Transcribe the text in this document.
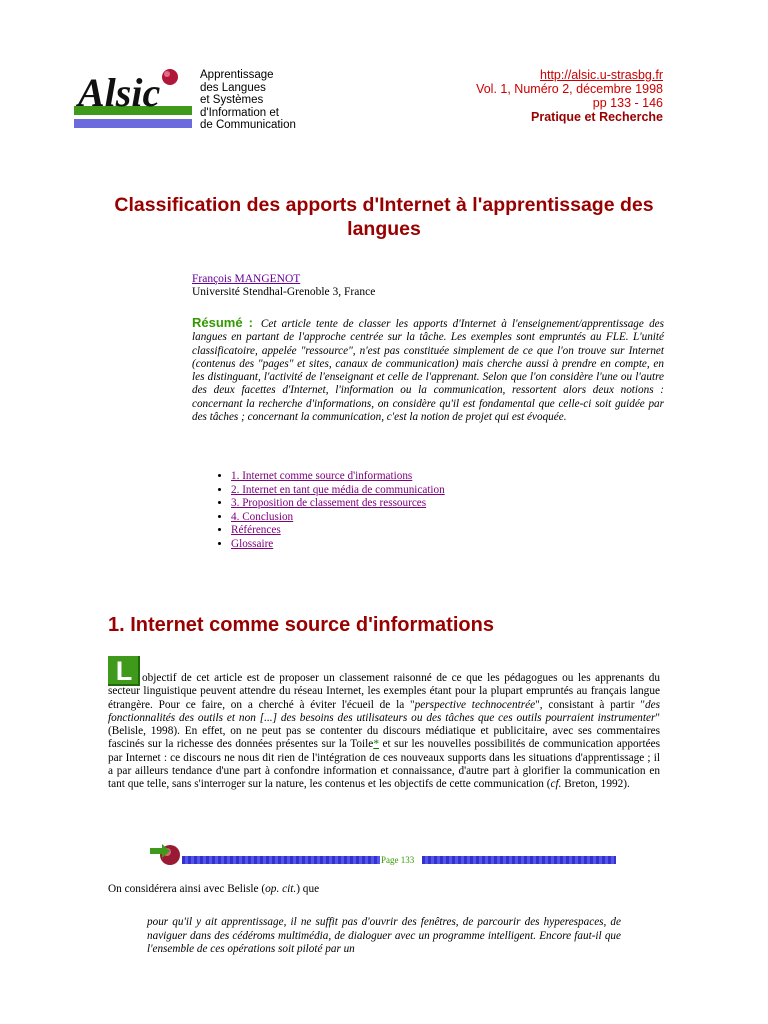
Alsic	Apprentissage
des Langues
et Systèmes
d'Information et
de Communication
http://alsic.u-strasbg.fr
Vol. 1, Numéro 2, décembre 1998
pp 133 - 146
Pratique et Recherche
Classification des apports d'Internet à l'apprentissage des langues
François MANGENOT
Université Stendhal-Grenoble 3, France
Résumé : Cet article tente de classer les apports d'Internet à l'enseignement/apprentissage des langues en partant de l'approche centrée sur la tâche. Les exemples sont empruntés au FLE. L'unité classificatoire, appelée "ressource", n'est pas constituée simplement de ce que l'on trouve sur Internet (contenus des "pages" et sites, canaux de communication) mais cherche aussi à prendre en compte, en les distinguant, l'activité de l'enseignant et celle de l'apprenant. Selon que l'on considère l'une ou l'autre des deux facettes d'Internet, l'information ou la communication, ressortent alors deux notions : concernant la recherche d'informations, on considère qu'il est fondamental que celle-ci soit guidée par des tâches ; concernant la communication, c'est la notion de projet qui est évoquée.
• 1. Internet comme source d'informations
• 2. Internet en tant que média de communication
• 3. Proposition de classement des ressources
• 4. Conclusion
• Références
• Glossaire
1. Internet comme source d'informations
L objectif de cet article est de proposer un classement raisonné de ce que les pédagogues ou les apprenants du secteur linguistique peuvent attendre du réseau Internet, les exemples étant pour la plupart empruntés au français langue étrangère. Pour ce faire, on a cherché à éviter l'écueil de la "perspective technocentrée", consistant à partir "des fonctionnalités des outils et non [...] des besoins des utilisateurs ou des tâches que ces outils pourraient instrumenter" (Belisle, 1998). En effet, on ne peut pas se contenter du discours médiatique et publicitaire, avec ses commentaires fascinés sur la richesse des données présentes sur la Toile* et sur les nouvelles possibilités de communication apportées par Internet : ce discours ne nous dit rien de l'intégration de ces nouveaux supports dans les situations d'apprentissage ; il a par ailleurs tendance d'une part à confondre information et connaissance, d'autre part à glorifier la communication en tant que telle, sans s'interroger sur la nature, les contenus et les objectifs de cette communication (cf. Breton, 1992).

Page 133
On considérera ainsi avec Belisle (op. cit.) que
pour qu'il y ait apprentissage, il ne suffit pas d'ouvrir des fenêtres, de parcourir des hyperespaces, de naviguer dans des cédéroms multimédia, de dialoguer avec un programme intelligent. Encore faut-il que l'ensemble de ces opérations soit piloté par un
